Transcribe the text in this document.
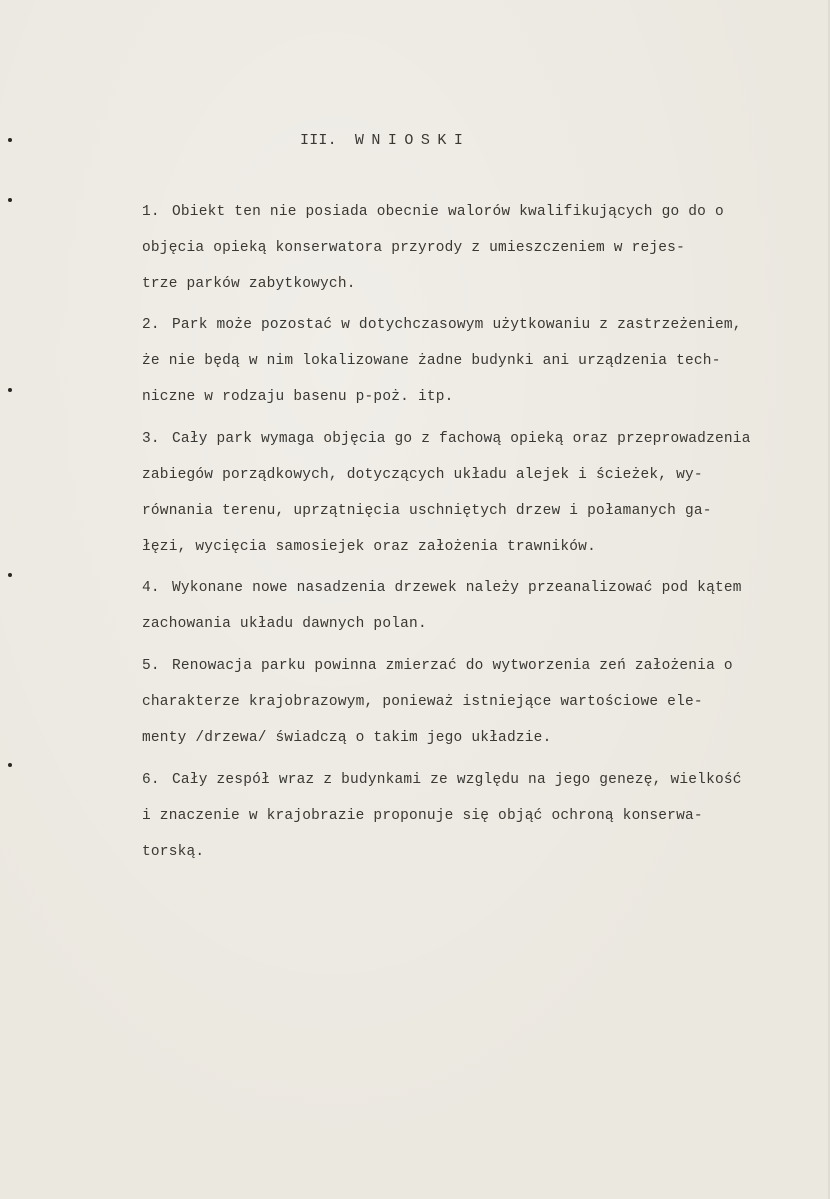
III. WNIOSKI
1. Obiekt ten nie posiada obecnie walorów kwalifikujących go do o
objęcia opieką konserwatora przyrody z umieszczeniem w rejes-
trze parków zabytkowych.
2. Park może pozostać w dotychczasowym użytkowaniu z zastrzeżeniem,
że nie będą w nim lokalizowane żadne budynki ani urządzenia tech-
niczne w rodzaju basenu p-poż. itp.
3. Cały park wymaga objęcia go z fachową opieką oraz przeprowadzenia
zabiegów porządkowych, dotyczących układu alejek i ścieżek, wy-
równania terenu, uprzątnięcia uschniętych drzew i połamanych ga-
łęzi, wycięcia samosiejek oraz założenia trawników.
4. Wykonane nowe nasadzenia drzewek należy przeanalizować pod kątem
zachowania układu dawnych polan.
5. Renowacja parku powinna zmierzać do wytworzenia zeń założenia o
charakterze krajobrazowym, ponieważ istniejące wartościowe ele-
menty /drzewa/ świadczą o takim jego układzie.
6. Cały zespół wraz z budynkami ze względu na jego genezę, wielkość
i znaczenie w krajobrazie proponuje się objąć ochroną konserwa-
torską.
